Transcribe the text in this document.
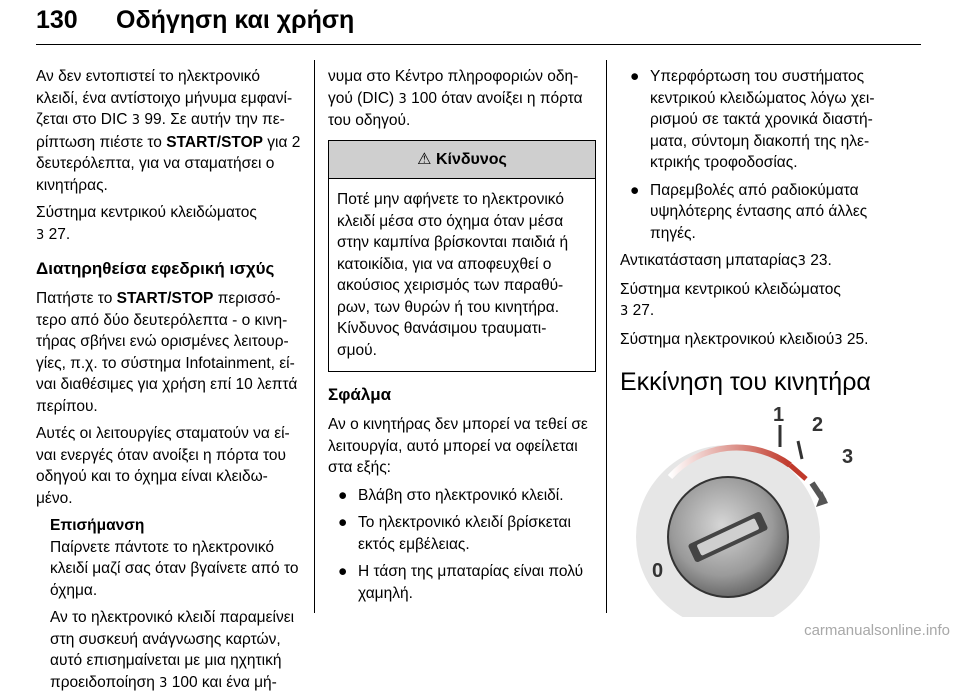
130 Οδήγηση και χρήση

Αν δεν εντοπιστεί το ηλεκτρονικό κλειδί, ένα αντίστοιχο μήνυμα εμφανί‐ ζεται στο DIC 3 99. Σε αυτήν την πε‐ ρίπτωση πιέστε το START/STOP για 2 δευτερόλεπτα, για να σταματήσει ο κινητήρας.

Σύστημα κεντρικού κλειδώματος
3 27.

Διατηρηθείσα εφεδρική ισχύς

Πατήστε το START/STOP περισσό‐ τερο από δύο δευτερόλεπτα - ο κινη‐ τήρας σβήνει ενώ ορισμένες λειτουρ‐ γίες, π.χ. το σύστημα Infotainment, εί‐ ναι διαθέσιμες για χρήση επί 10 λεπτά περίπου.

Αυτές οι λειτουργίες σταματούν να εί‐ ναι ενεργές όταν ανοίξει η πόρτα του οδηγού και το όχημα είναι κλειδω‐ μένο.

Επισήμανση

Παίρνετε πάντοτε το ηλεκτρονικό κλειδί μαζί σας όταν βγαίνετε από το όχημα.

Αν το ηλεκτρονικό κλειδί παραμείνει στη συσκευή ανάγνωσης καρτών, αυτό επισημαίνεται με μια ηχητική προειδοποίηση 3 100 και ένα μή‐

νυμα στο Κέντρο πληροφοριών οδη‐ γού (DIC) 3 100 όταν ανοίξει η πόρτα του οδηγού.

⚠ Κίνδυνος
Ποτέ μην αφήνετε το ηλεκτρονικό κλειδί μέσα στο όχημα όταν μέσα στην καμπίνα βρίσκονται παιδιά ή κατοικίδια, για να αποφευχθεί ο ακούσιος χειρισμός των παραθύ‐ ρων, των θυρών ή του κινητήρα. Κίνδυνος θανάσιμου τραυματι‐ σμού.
Σφάλμα

Αν ο κινητήρας δεν μπορεί να τεθεί σε λειτουργία, αυτό μπορεί να οφείλεται στα εξής:

● Βλάβη στο ηλεκτρονικό κλειδί.
● Το ηλεκτρονικό κλειδί βρίσκεται εκτός εμβέλειας.
● Η τάση της μπαταρίας είναι πολύ χαμηλή.
● Υπερφόρτωση του συστήματος κεντρικού κλειδώματος λόγω χει‐ ρισμού σε τακτά χρονικά διαστή‐ ματα, σύντομη διακοπή της ηλε‐ κτρικής τροφοδοσίας.
● Παρεμβολές από ραδιοκύματα υψηλότερης έντασης από άλλες πηγές.

Αντικατάσταση μπαταρίας3 23.

Σύστημα κεντρικού κλειδώματος
3 27.

Σύστημα ηλεκτρονικού κλειδιού3 25.

Εκκίνηση του κινητήρα
0
1 2
3
carmanualsonline.info
